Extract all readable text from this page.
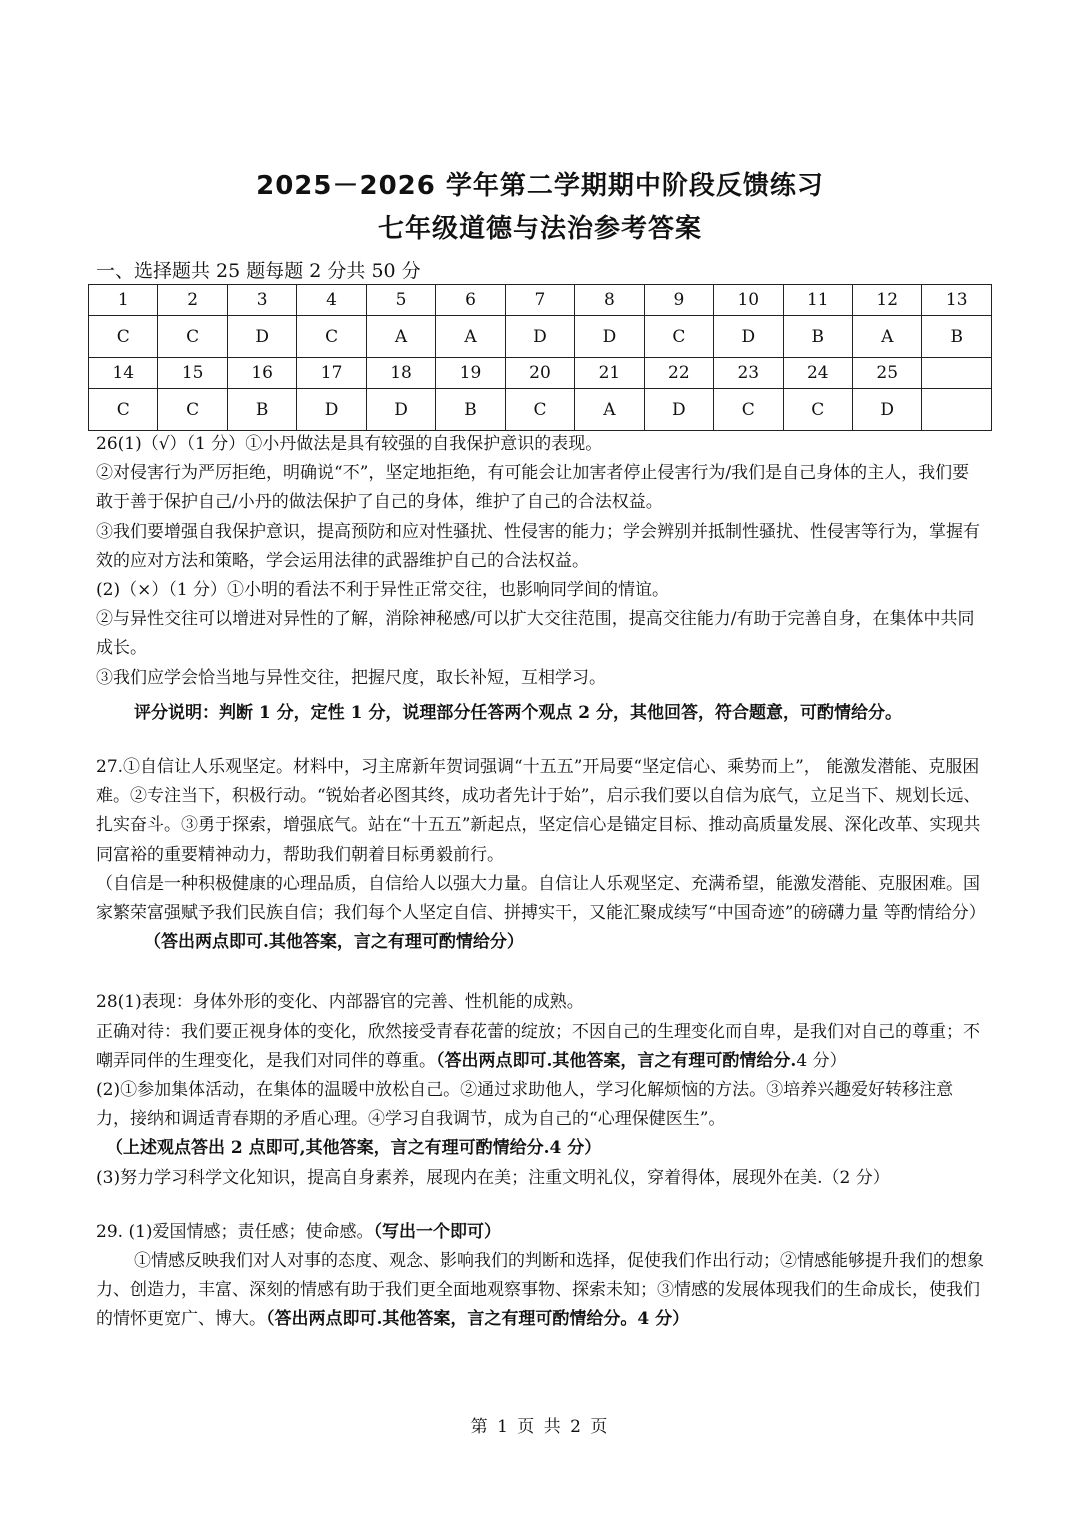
2025－2026 学年第二学期期中阶段反馈练习
七年级道德与法治参考答案
一、选择题共 25 题每题 2 分共 50 分
1	2	3	4	5	6	7	8	9	10	11	12	13
C	C	D	C	A	A	D	D	C	D	B	A	B
14	15	16	17	18	19	20	21	22	23	24	25	
C	C	B	D	D	B	C	A	D	C	C	D	

26(1)（√）（1 分）①小丹做法是具有较强的自我保护意识的表现。

②对侵害行为严厉拒绝，明确说“不”，坚定地拒绝，有可能会让加害者停止侵害行为/我们是自己身体的主人，我们要敢于善于保护自己/小丹的做法保护了自己的身体，维护了自己的合法权益。

③我们要增强自我保护意识，提高预防和应对性骚扰、性侵害的能力；学会辨别并抵制性骚扰、性侵害等行为，掌握有效的应对方法和策略，学会运用法律的武器维护自己的合法权益。

(2)（×）（1 分）①小明的看法不利于异性正常交往，也影响同学间的情谊。

②与异性交往可以增进对异性的了解，消除神秘感/可以扩大交往范围，提高交往能力/有助于完善自身，在集体中共同成长。

③我们应学会恰当地与异性交往，把握尺度，取长补短，互相学习。

评分说明：判断 1 分，定性 1 分，说理部分任答两个观点 2 分，其他回答，符合题意，可酌情给分。

27.①自信让人乐观坚定。材料中，习主席新年贺词强调“十五五”开局要“坚定信心、乘势而上”， 能激发潜能、克服困难。②专注当下，积极行动。“锐始者必图其终，成功者先计于始”，启示我们要以自信为底气，立足当下、规划长远、扎实奋斗。③勇于探索，增强底气。站在“十五五”新起点，坚定信心是锚定目标、推动高质量发展、深化改革、实现共同富裕的重要精神动力，帮助我们朝着目标勇毅前行。

（自信是一种积极健康的心理品质，自信给人以强大力量。自信让人乐观坚定、充满希望，能激发潜能、克服困难。国家繁荣富强赋予我们民族自信；我们每个人坚定自信、拼搏实干，又能汇聚成续写“中国奇迹”的磅礴力量 等酌情给分）

（答出两点即可.其他答案，言之有理可酌情给分）

28(1)表现：身体外形的变化、内部器官的完善、性机能的成熟。

正确对待：我们要正视身体的变化，欣然接受青春花蕾的绽放；不因自己的生理变化而自卑，是我们对自己的尊重；不嘲弄同伴的生理变化，是我们对同伴的尊重。（答出两点即可.其他答案，言之有理可酌情给分.4 分）

(2)①参加集体活动，在集体的温暖中放松自己。②通过求助他人，学习化解烦恼的方法。③培养兴趣爱好转移注意力，接纳和调适青春期的矛盾心理。④学习自我调节，成为自己的“心理保健医生”。

（上述观点答出 2 点即可,其他答案，言之有理可酌情给分.4 分）

(3)努力学习科学文化知识，提高自身素养，展现内在美；注重文明礼仪，穿着得体，展现外在美.（2 分）

29. (1)爱国情感；责任感；使命感。（写出一个即可）

①情感反映我们对人对事的态度、观念、影响我们的判断和选择，促使我们作出行动；②情感能够提升我们的想象力、创造力，丰富、深刻的情感有助于我们更全面地观察事物、探索未知；③情感的发展体现我们的生命成长，使我们的情怀更宽广、博大。（答出两点即可.其他答案，言之有理可酌情给分。4 分）

第 1 页 共 2 页
